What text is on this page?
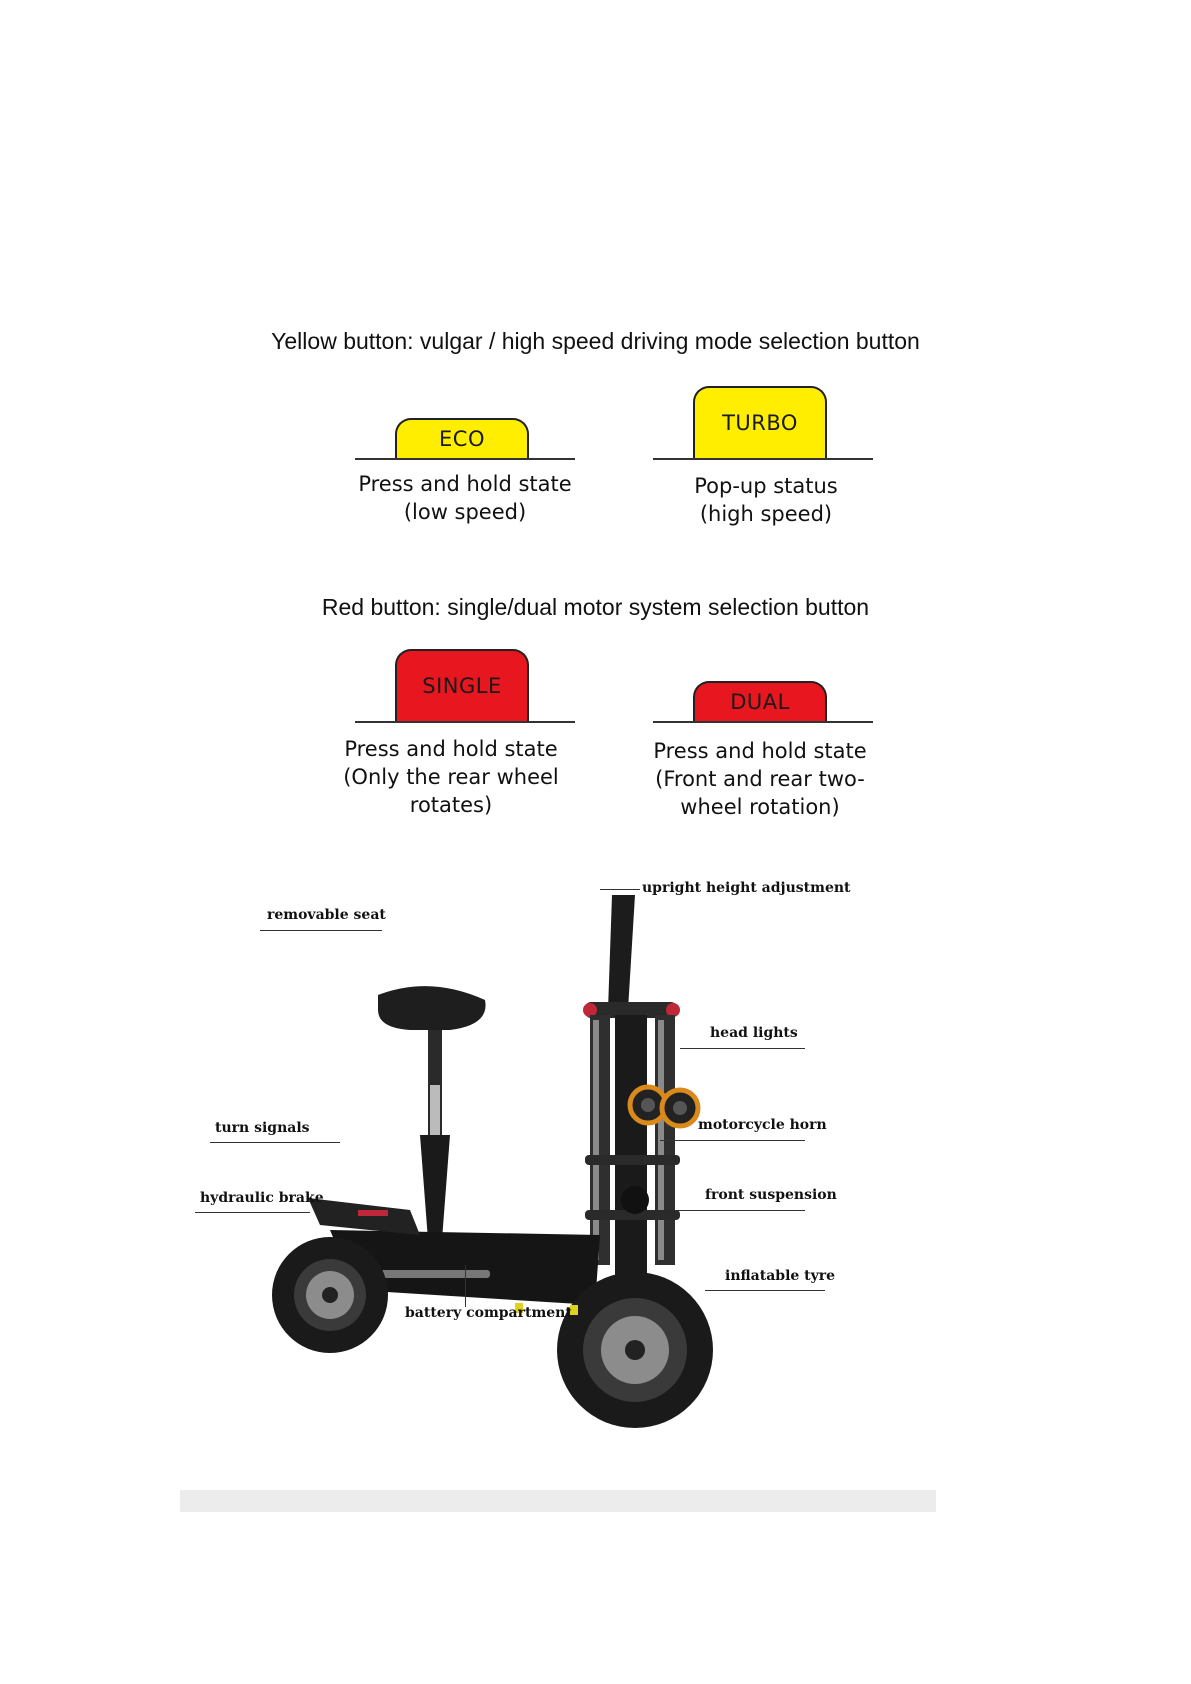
Yellow button: vulgar / high speed driving mode selection button
ECO
Press and hold state
(low speed)
TURBO
Pop-up status
(high speed)
Red button: single/dual motor system selection button
SINGLE
Press and hold state
(Only the rear wheel
rotates)
DUAL
Press and hold state
(Front and rear two-
wheel rotation)
upright height adjustment
removable seat
head lights
turn signals	motorcycle horn
hydraulic brake	front suspension
inflatable tyre
battery compartment
